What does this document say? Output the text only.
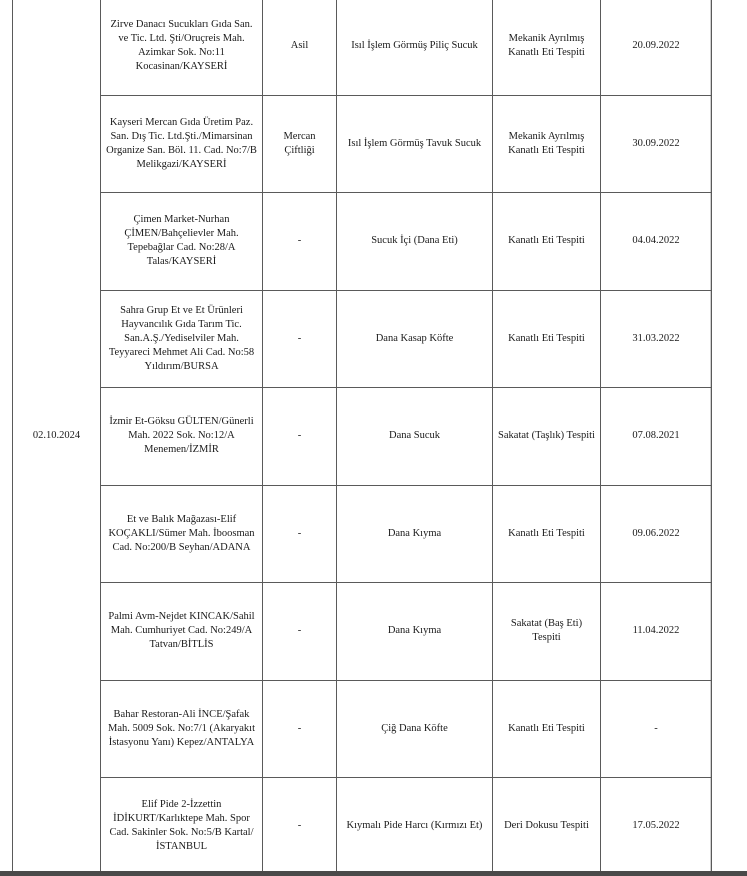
02.10.2024	Zirve Danacı Sucukları Gıda San. ve Tic. Ltd. Şti/Oruçreis Mah. Azimkar Sok. No:11 Kocasinan/KAYSERİ	Asil	Isıl İşlem Görmüş Piliç Sucuk	Mekanik Ayrılmış Kanatlı Eti Tespiti	20.09.2022
	Kayseri Mercan Gıda Üretim Paz. San. Dış Tic. Ltd.Şti./Mimarsinan Organize San. Böl. 11. Cad. No:7/B Melikgazi/KAYSERİ	Mercan Çiftliği	Isıl İşlem Görmüş Tavuk Sucuk	Mekanik Ayrılmış Kanatlı Eti Tespiti	30.09.2022
	Çimen Market-Nurhan ÇİMEN/Bahçelievler Mah. Tepebağlar Cad. No:28/A Talas/KAYSERİ	-	Sucuk İçi (Dana Eti)	Kanatlı Eti Tespiti	04.04.2022
	Sahra Grup Et ve Et Ürünleri Hayvancılık Gıda Tarım Tic. San.A.Ş./Yediselviler Mah. Teyyareci Mehmet Ali Cad. No:58 Yıldırım/BURSA	-	Dana Kasap Köfte	Kanatlı Eti Tespiti	31.03.2022
	İzmir Et-Göksu GÜLTEN/Günerli Mah. 2022 Sok. No:12/A Menemen/İZMİR	-	Dana Sucuk	Sakatat (Taşlık) Tespiti	07.08.2021
	Et ve Balık Mağazası-Elif KOÇAKLI/Sümer Mah. İboosman Cad. No:200/B Seyhan/ADANA	-	Dana Kıyma	Kanatlı Eti Tespiti	09.06.2022
	Palmi Avm-Nejdet KINCAK/Sahil Mah. Cumhuriyet Cad. No:249/A Tatvan/BİTLİS	-	Dana Kıyma	Sakatat (Baş Eti) Tespiti	11.04.2022
	Bahar Restoran-Ali İNCE/Şafak Mah. 5009 Sok. No:7/1 (Akaryakıt İstasyonu Yanı) Kepez/ANTALYA	-	Çiğ Dana Köfte	Kanatlı Eti Tespiti	-
	Elif Pide 2-İzzettin İDİKURT/Karlıktepe Mah. Spor Cad. Sakinler Sok. No:5/B Kartal/İSTANBUL	-	Kıymalı Pide Harcı (Kırmızı Et)	Deri Dokusu Tespiti	17.05.2022
